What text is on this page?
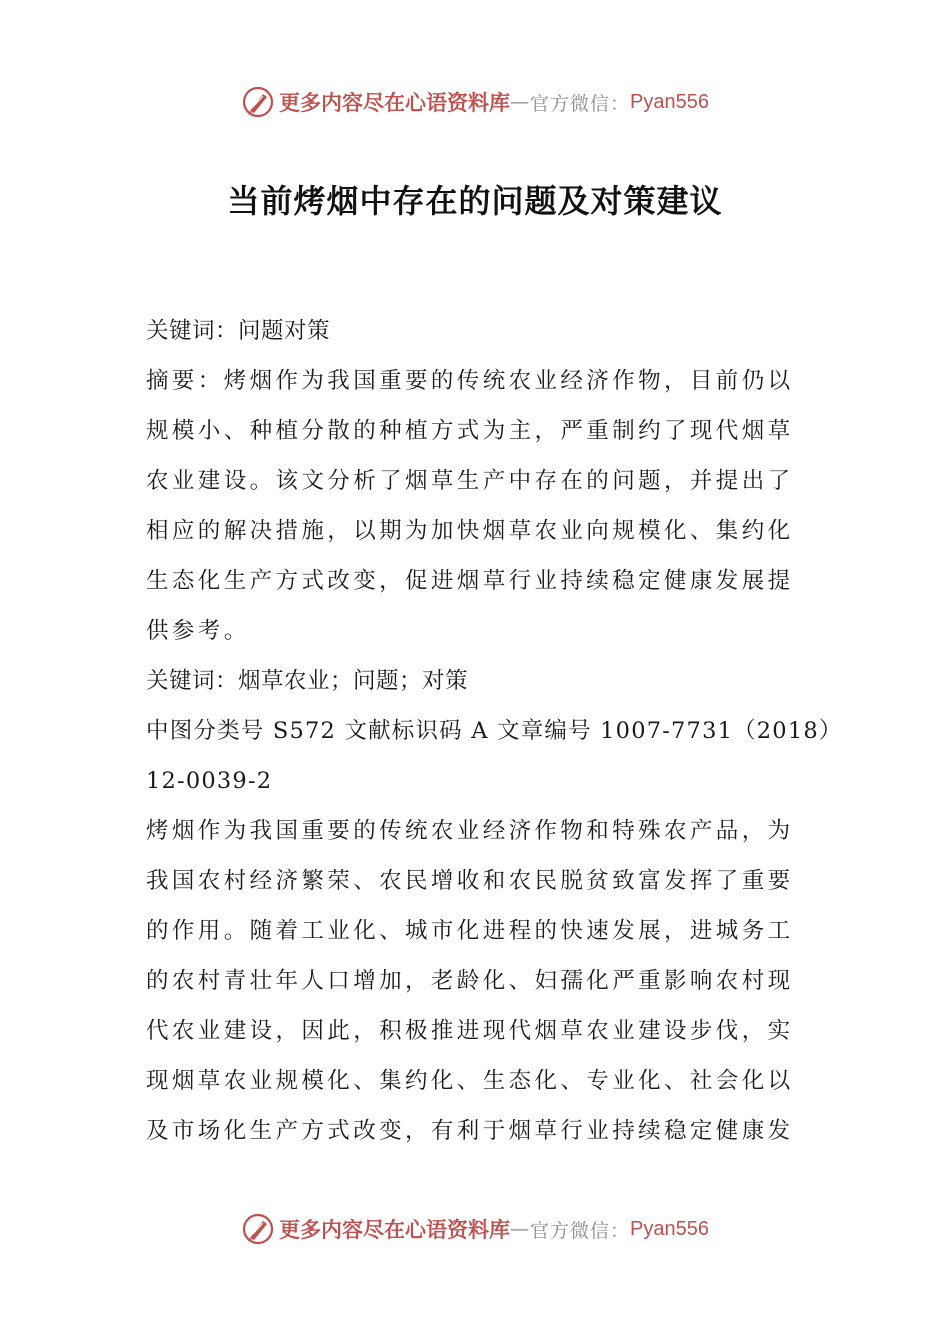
更多内容尽在心语资料库 — 官方微信： Pyan556
当前烤烟中存在的问题及对策建议
关键词：问题对策
摘要：烤烟作为我国重要的传统农业经济作物，目前仍以
规模小、种植分散的种植方式为主，严重制约了现代烟草
农业建设。该文分析了烟草生产中存在的问题，并提出了
相应的解决措施，以期为加快烟草农业向规模化、集约化
生态化生产方式改变，促进烟草行业持续稳定健康发展提
供参考。
关键词：烟草农业；问题；对策
中图分类号 S572 文献标识码 A 文章编号 1007-7731（2018）
12-0039-2
烤烟作为我国重要的传统农业经济作物和特殊农产品，为
我国农村经济繁荣、农民增收和农民脱贫致富发挥了重要
的作用。随着工业化、城市化进程的快速发展，进城务工
的农村青壮年人口增加，老龄化、妇孺化严重影响农村现
代农业建设，因此，积极推进现代烟草农业建设步伐，实
现烟草农业规模化、集约化、生态化、专业化、社会化以
及市场化生产方式改变，有利于烟草行业持续稳定健康发
更多内容尽在心语资料库 — 官方微信： Pyan556
